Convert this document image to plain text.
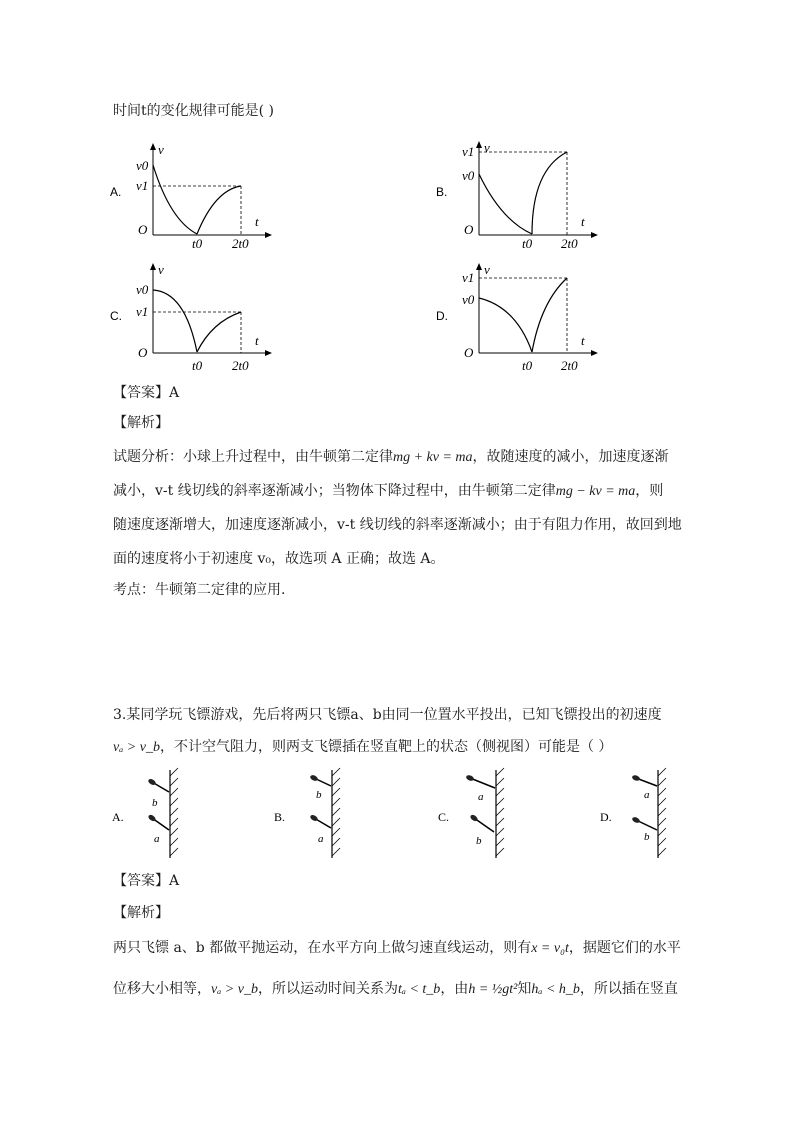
时间t的变化规律可能是( )
A.
v
t
O
v0
v1
t0 2t0
B.
v
t
O
v1
v0
t0 2t0
C.
v
t
O
v0
v1
t0 2t0
D.
v
t
O
v1
v0
t0 2t0
【答案】A
【解析】
试题分析：小球上升过程中，由牛顿第二定律mg + kv = ma，故随速度的减小，加速度逐渐
减小，v-t 线切线的斜率逐渐减小；当物体下降过程中，由牛顿第二定律mg − kv = ma，则
随速度逐渐增大，加速度逐渐减小，v-t 线切线的斜率逐渐减小；由于有阻力作用，故回到地
面的速度将小于初速度 v₀，故选项 A 正确；故选 A。
考点：牛顿第二定律的应用.
3.某同学玩飞镖游戏，先后将两只飞镖a、b由同一位置水平投出，已知飞镖投出的初速度
vₐ > v_b，不计空气阻力，则两支飞镖插在竖直靶上的状态（侧视图）可能是（ ）
A.
b
a
B.
b
a
C.
a
b
D.
a
b
【答案】A
【解析】
两只飞镖 a、b 都做平抛运动，在水平方向上做匀速直线运动，则有x = v₀t，据题它们的水平
位移大小相等，vₐ > v_b，所以运动时间关系为tₐ < t_b，由h = ½gt²知hₐ < h_b，所以插在竖直
